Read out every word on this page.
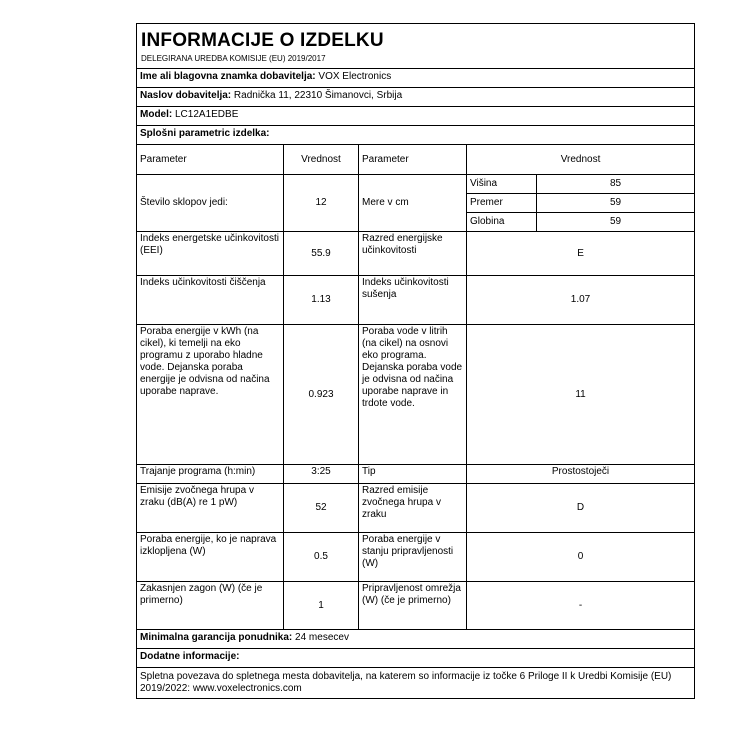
INFORMACIJE O IZDELKU
DELEGIRANA UREDBA KOMISIJE (EU) 2019/2017				

Ime ali blagovna znamka dobavitelja: VOX Electronics				
Naslov dobavitelja: Radnička 11, 22310 Šimanovci, Srbija				
Model: LC12A1EDBE				
Splošni parametric izdelka:				
Parameter	Vrednost	Parameter	Vrednost	
Število sklopov jedi:	12	Mere v cm	Višina	85
			Premer	59
			Globina	59
Indeks energetske učinkovitosti (EEI)	55.9	Razred energijske učinkovitosti	E	
Indeks učinkovitosti čiščenja	1.13	Indeks učinkovitosti sušenja	1.07	
Poraba energije v kWh (na cikel), ki temelji na eko programu z uporabo hladne vode. Dejanska poraba energije je odvisna od načina uporabe naprave.	0.923	Poraba vode v litrih (na cikel) na osnovi eko programa. Dejanska poraba vode je odvisna od načina uporabe naprave in trdote vode.	11	
Trajanje programa (h:min)	3:25	Tip	Prostostoječi	
Emisije zvočnega hrupa v zraku (dB(A) re 1 pW)	52	Razred emisije zvočnega hrupa v zraku	D	
Poraba energije, ko je naprava izklopljena (W)	0.5	Poraba energije v stanju pripravljenosti (W)	0	
Zakasnjen zagon (W) (če je primerno)	1	Pripravljenost omrežja (W) (če je primerno)	-	
Minimalna garancija ponudnika: 24 mesecev				
Dodatne informacije:				
Spletna povezava do spletnega mesta dobavitelja, na katerem so informacije iz točke 6 Priloge II k Uredbi Komisije (EU) 2019/2022: www.voxelectronics.com				
